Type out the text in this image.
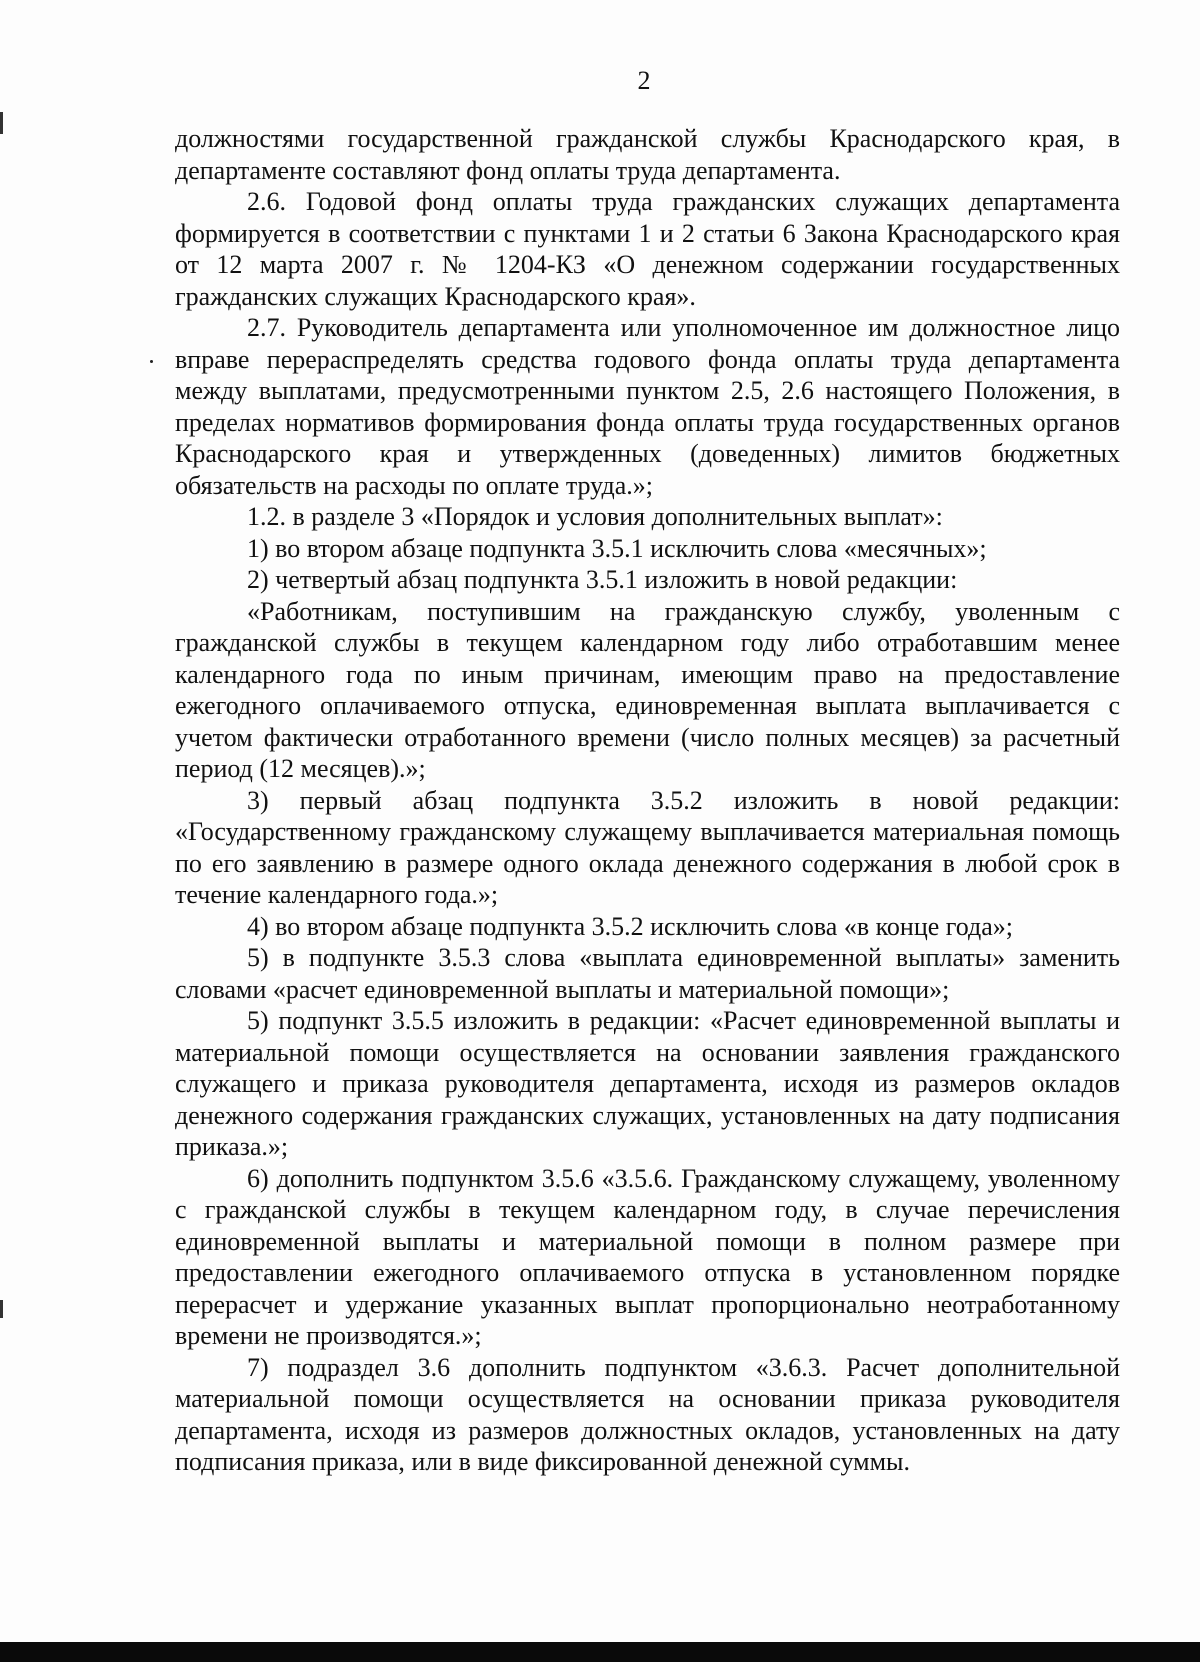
2

должностями государственной гражданской службы Краснодарского края, в департаменте составляют фонд оплаты труда департамента.

2.6. Годовой фонд оплаты труда гражданских служащих департамента формируется в соответствии с пунктами 1 и 2 статьи 6 Закона Краснодарского края от 12 марта 2007 г. № 1204-КЗ «О денежном содержании государственных гражданских служащих Краснодарского края».

2.7. Руководитель департамента или уполномоченное им должностное лицо вправе перераспределять средства годового фонда оплаты труда департамента между выплатами, предусмотренными пунктом 2.5, 2.6 настоящего Положения, в пределах нормативов формирования фонда оплаты труда государственных органов Краснодарского края и утвержденных (доведенных) лимитов бюджетных обязательств на расходы по оплате труда.»;

1.2. в разделе 3 «Порядок и условия дополнительных выплат»:

1) во втором абзаце подпункта 3.5.1 исключить слова «месячных»;

2) четвертый абзац подпункта 3.5.1 изложить в новой редакции:

«Работникам, поступившим на гражданскую службу, уволенным с гражданской службы в текущем календарном году либо отработавшим менее календарного года по иным причинам, имеющим право на предоставление ежегодного оплачиваемого отпуска, единовременная выплата выплачивается с учетом фактически отработанного времени (число полных месяцев) за расчетный период (12 месяцев).»;

3) первый абзац подпункта 3.5.2 изложить в новой редакции: «Государственному гражданскому служащему выплачивается материальная помощь по его заявлению в размере одного оклада денежного содержания в любой срок в течение календарного года.»;

4) во втором абзаце подпункта 3.5.2 исключить слова «в конце года»;

5) в подпункте 3.5.3 слова «выплата единовременной выплаты» заменить словами «расчет единовременной выплаты и материальной помощи»;

5) подпункт 3.5.5 изложить в редакции: «Расчет единовременной выплаты и материальной помощи осуществляется на основании заявления гражданского служащего и приказа руководителя департамента, исходя из размеров окладов денежного содержания гражданских служащих, установленных на дату подписания приказа.»;

6) дополнить подпунктом 3.5.6 «3.5.6. Гражданскому служащему, уволенному с гражданской службы в текущем календарном году, в случае перечисления единовременной выплаты и материальной помощи в полном размере при предоставлении ежегодного оплачиваемого отпуска в установленном порядке перерасчет и удержание указанных выплат пропорционально неотработанному времени не производятся.»;

7) подраздел 3.6 дополнить подпунктом «3.6.3. Расчет дополнительной материальной помощи осуществляется на основании приказа руководителя департамента, исходя из размеров должностных окладов, установленных на дату подписания приказа, или в виде фиксированной денежной суммы.
